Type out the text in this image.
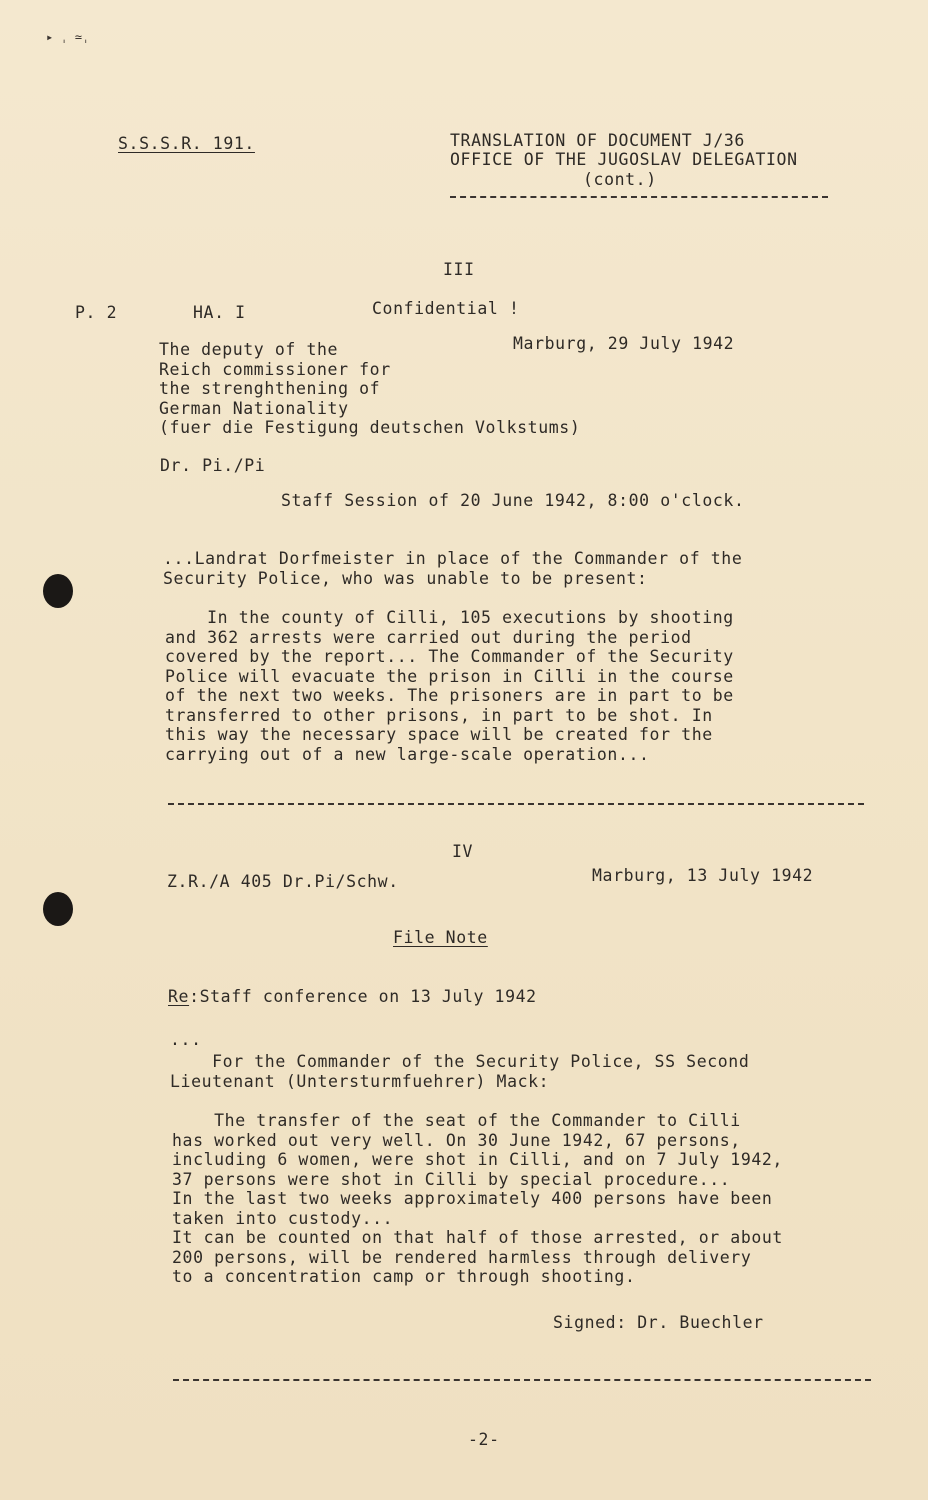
▸ ˌ ≃ˌ
S.S.S.R. 191.	TRANSLATION OF DOCUMENT J/36
OFFICE OF THE JUGOSLAV DELEGATION
(cont.)
III
P. 2	HA. I	Confidential !
The deputy of the
Reich commissioner for
the strenghthening of
German Nationality
(fuer die Festigung deutschen Volkstums)
Marburg, 29 July 1942
Dr. Pi./Pi
Staff Session of 20 June 1942, 8:00 o'clock.
...Landrat Dorfmeister in place of the Commander of the
Security Police, who was unable to be present:
In the county of Cilli, 105 executions by shooting
and 362 arrests were carried out during the period
covered by the report... The Commander of the Security
Police will evacuate the prison in Cilli in the course
of the next two weeks. The prisoners are in part to be
transferred to other prisons, in part to be shot. In
this way the necessary space will be created for the
carrying out of a new large-scale operation...
IV
Z.R./A 405 Dr.Pi/Schw.	Marburg, 13 July 1942
File Note
Re:Staff conference on 13 July 1942
...
For the Commander of the Security Police, SS Second
Lieutenant (Untersturmfuehrer) Mack:
The transfer of the seat of the Commander to Cilli
has worked out very well. On 30 June 1942, 67 persons,
including 6 women, were shot in Cilli, and on 7 July 1942,
37 persons were shot in Cilli by special procedure...
In the last two weeks approximately 400 persons have been
taken into custody...
It can be counted on that half of those arrested, or about
200 persons, will be rendered harmless through delivery
to a concentration camp or through shooting.
Signed: Dr. Buechler
-2-
